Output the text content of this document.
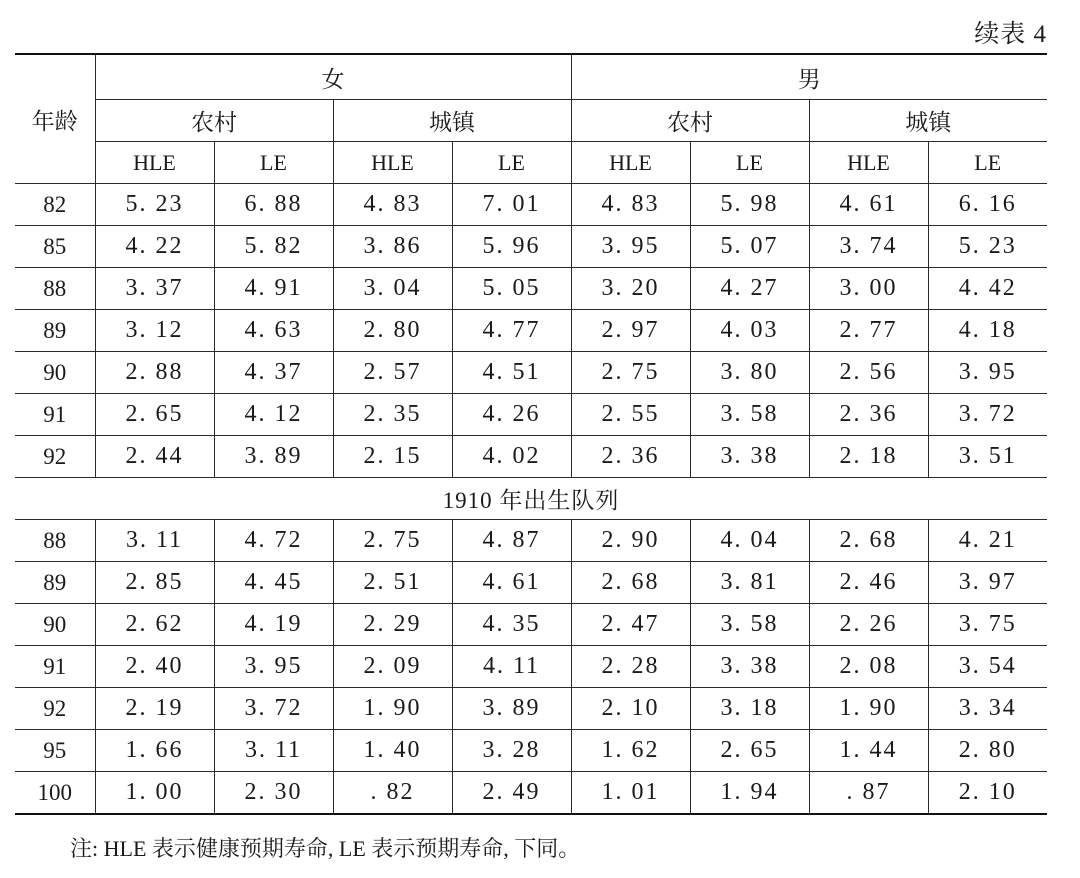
续表 4
年龄	女				男			
	农村		城镇		农村		城镇	
	HLE	LE	HLE	LE	HLE	LE	HLE	LE
82	5. 23	6. 88	4. 83	7. 01	4. 83	5. 98	4. 61	6. 16
85	4. 22	5. 82	3. 86	5. 96	3. 95	5. 07	3. 74	5. 23
88	3. 37	4. 91	3. 04	5. 05	3. 20	4. 27	3. 00	4. 42
89	3. 12	4. 63	2. 80	4. 77	2. 97	4. 03	2. 77	4. 18
90	2. 88	4. 37	2. 57	4. 51	2. 75	3. 80	2. 56	3. 95
91	2. 65	4. 12	2. 35	4. 26	2. 55	3. 58	2. 36	3. 72
92	2. 44	3. 89	2. 15	4. 02	2. 36	3. 38	2. 18	3. 51
1910 年出生队列								
88	3. 11	4. 72	2. 75	4. 87	2. 90	4. 04	2. 68	4. 21
89	2. 85	4. 45	2. 51	4. 61	2. 68	3. 81	2. 46	3. 97
90	2. 62	4. 19	2. 29	4. 35	2. 47	3. 58	2. 26	3. 75
91	2. 40	3. 95	2. 09	4. 11	2. 28	3. 38	2. 08	3. 54
92	2. 19	3. 72	1. 90	3. 89	2. 10	3. 18	1. 90	3. 34
95	1. 66	3. 11	1. 40	3. 28	1. 62	2. 65	1. 44	2. 80
100	1. 00	2. 30	. 82	2. 49	1. 01	1. 94	. 87	2. 10
注: HLE 表示健康预期寿命, LE 表示预期寿命, 下同。
